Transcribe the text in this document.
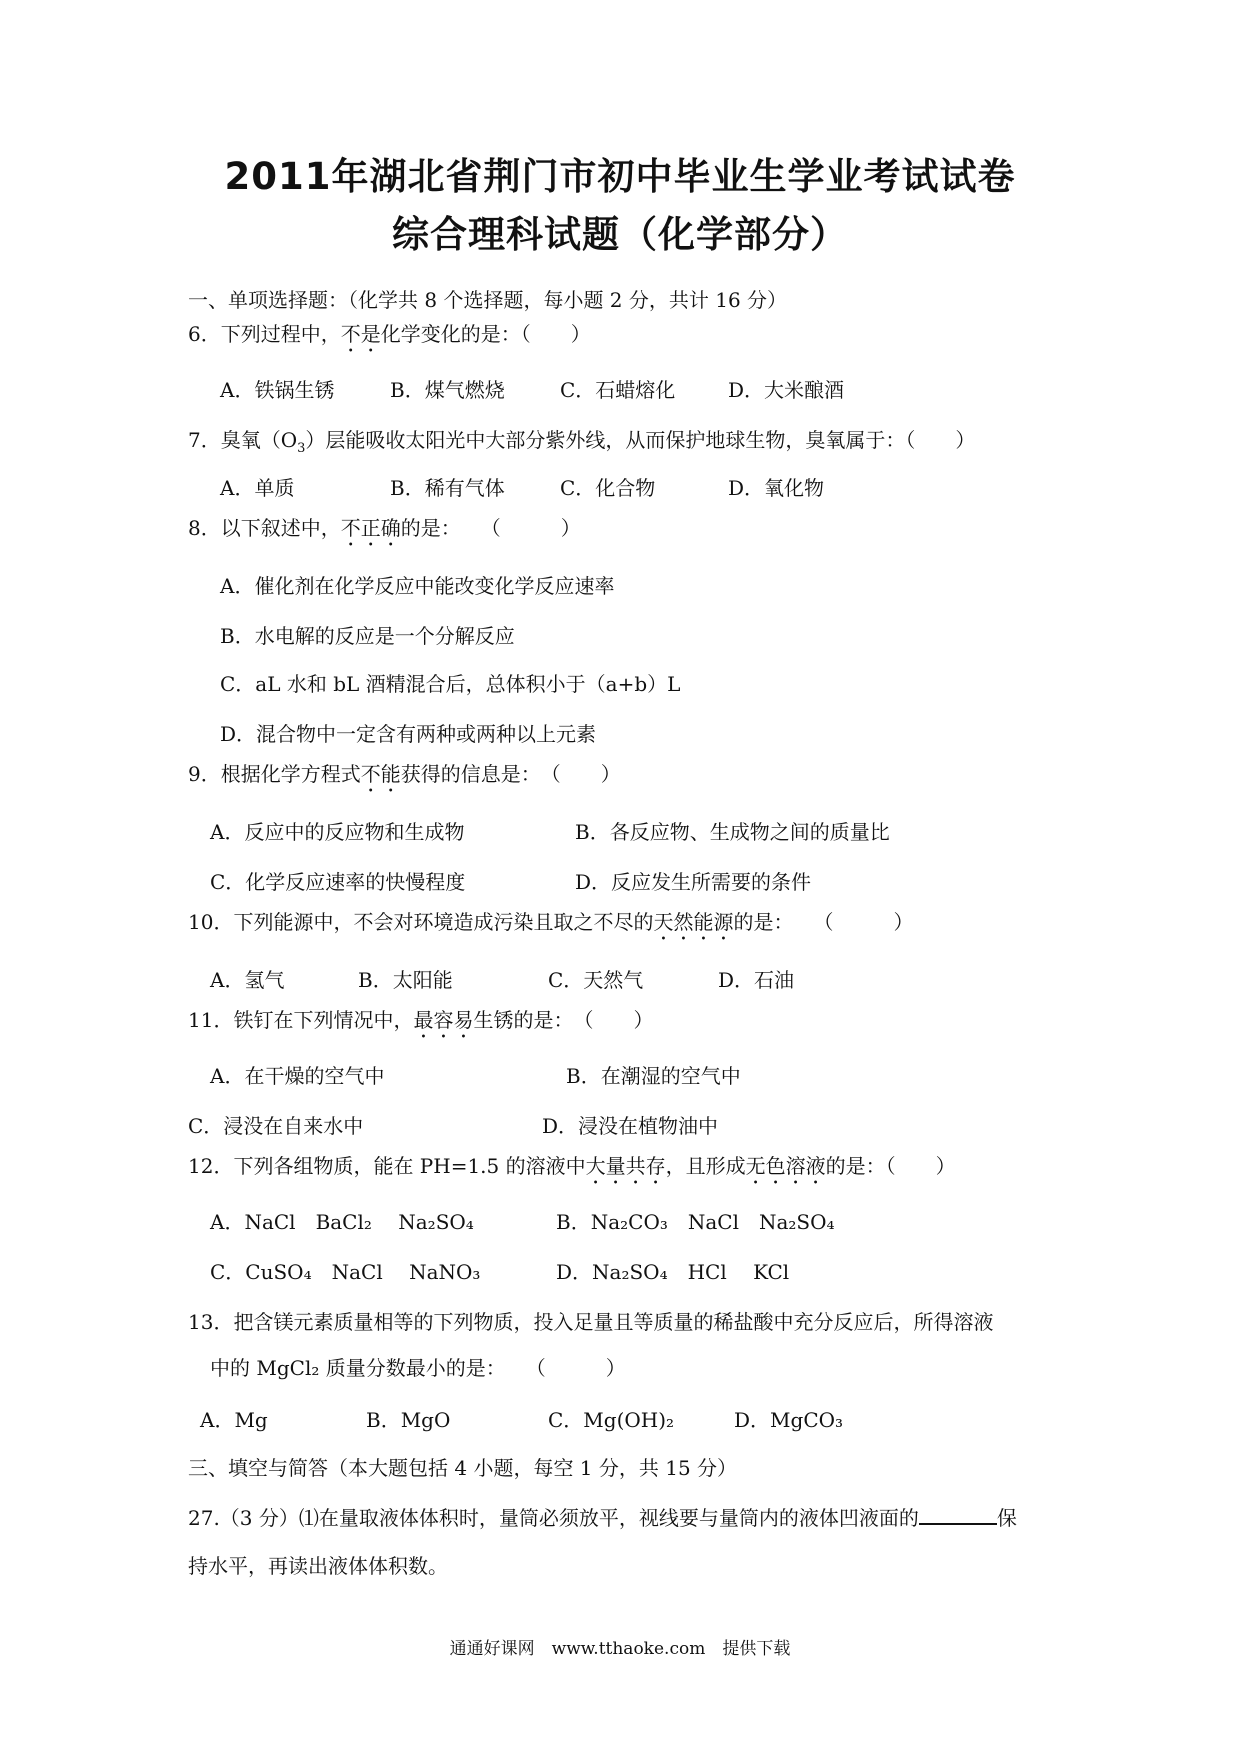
2011年湖北省荆门市初中毕业生学业考试试卷
综合理科试题（化学部分）
一、单项选择题：（化学共 8 个选择题，每小题 2 分，共计 16 分）
6．下列过程中，不是化学变化的是：（　　）
A．铁锅生锈	B．煤气燃烧	C．石蜡熔化	D．大米酿酒
7．臭氧$(O_3)$层能吸收太阳光中大部分紫外线，从而保护地球生物，臭氧属于：（　　）
A．单质	B．稀有气体	C．化合物	D．氧化物
8．以下叙述中，不正确的是：　　（　　　）
A．催化剂在化学反应中能改变化学反应速率
B．水电解的反应是一个分解反应
C．aL 水和 bL 酒精混合后，总体积小于（a+b）L
D．混合物中一定含有两种或两种以上元素
9．根据化学方程式不能获得的信息是：　（　　）
A．反应中的反应物和生成物	B．各反应物、生成物之间的质量比
C．化学反应速率的快慢程度	D．反应发生所需要的条件
10．下列能源中，不会对环境造成污染且取之不尽的天然能源的是：　　（　　　）
A．氢气	B．太阳能	C．天然气	D．石油
11．铁钉在下列情况中，最容易生锈的是：　（　　）
A．在干燥的空气中	B．在潮湿的空气中
C．浸没在自来水中	D．浸没在植物油中
12．下列各组物质，能在 PH=1.5 的溶液中大量共存，且形成无色溶液的是：（　　）
A．NaCl　BaCl₂　 Na₂SO₄	B．Na₂CO₃　NaCl　Na₂SO₄
C．CuSO₄　NaCl　 NaNO₃	D．Na₂SO₄　HCl　 KCl
13．把含镁元素质量相等的下列物质，投入足量且等质量的稀盐酸中充分反应后，所得溶液
中的 MgCl₂ 质量分数最小的是：　　（　　　）
A．Mg	B．MgO	C．Mg(OH)₂	D．MgCO₃
三、填空与简答（本大题包括 4 小题，每空 1 分，共 15 分）
27.（3 分）⑴在量取液体体积时，量筒必须放平，视线要与量筒内的液体凹液面的	保
持水平，再读出液体体积数。
通通好课网　www.tthaoke.com　提供下载
